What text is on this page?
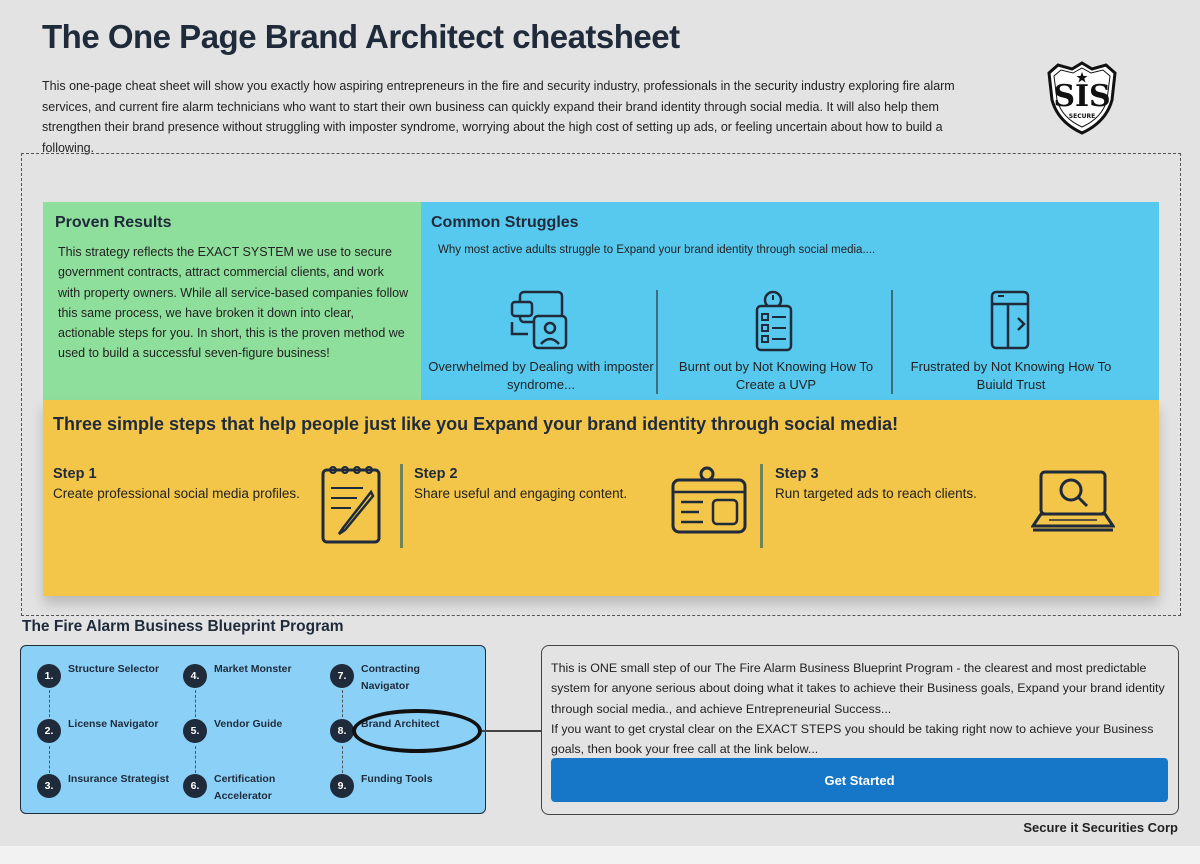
The One Page Brand Architect cheatsheet
This one-page cheat sheet will show you exactly how aspiring entrepreneurs in the fire and security industry, professionals in the security industry exploring fire alarm services, and current fire alarm technicians who want to start their own business can quickly expand their brand identity through social media. It will also help them strengthen their brand presence without struggling with imposter syndrome, worrying about the high cost of setting up ads, or feeling uncertain about how to build a following.
SIS
SECURE
Proven Results
This strategy reflects the EXACT SYSTEM we use to secure government contracts, attract commercial clients, and work with property owners. While all service-based companies follow this same process, we have broken it down into clear, actionable steps for you. In short, this is the proven method we used to build a successful seven-figure business!
Common Struggles
Why most active adults struggle to Expand your brand identity through social media....
Overwhelmed by Dealing with imposter syndrome...
Burnt out by Not Knowing How To Create a UVP
Frustrated by Not Knowing How To Buiuld Trust
Three simple steps that help people just like you Expand your brand identity through social media!
Step 1
Create professional social media profiles.
Step 2
Share useful and engaging content.
Step 3
Run targeted ads to reach clients.
The Fire Alarm Business Blueprint Program
1.
Structure Selector
2.
License Navigator
3.
Insurance Strategist
4.
Market Monster
5.
Vendor Guide
6.
Certification Accelerator
7.
Contracting Navigator
8.
Brand Architect
9.
Funding Tools
This is ONE small step of our The Fire Alarm Business Blueprint Program - the clearest and most predictable system for anyone serious about doing what it takes to achieve their Business goals, Expand your brand identity through social media., and achieve Entrepreneurial Success...
If you want to get crystal clear on the EXACT STEPS you should be taking right now to achieve your Business goals, then book your free call at the link below...
Get Started
Secure it Securities Corp
